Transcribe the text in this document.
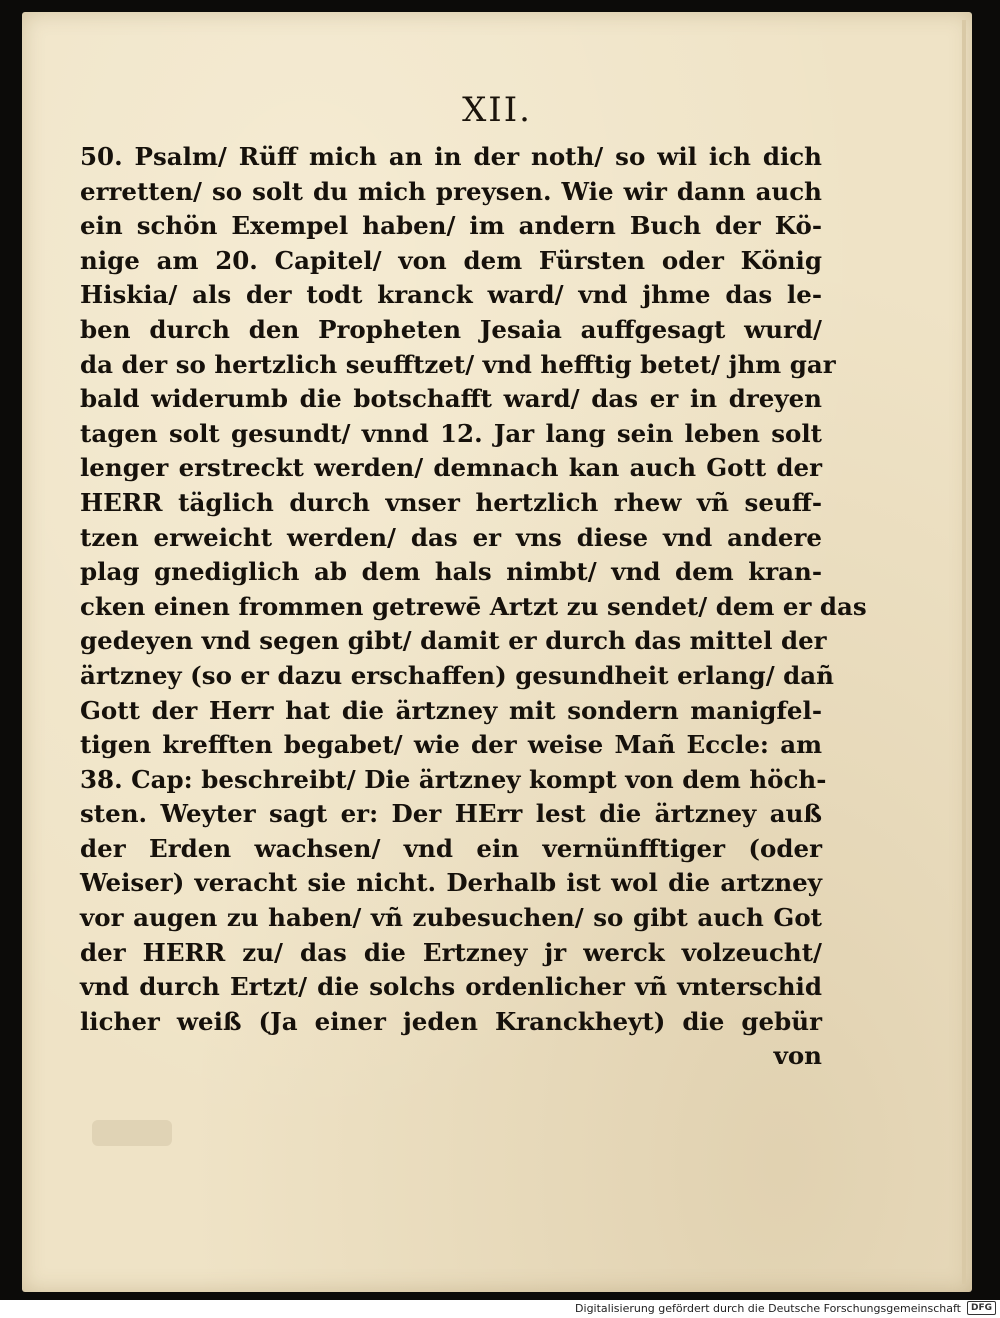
XII.
50. Psalm/ Rüff mich an in der noth/ so wil ich dich
erretten/ so solt du mich preysen. Wie wir dann auch
ein schön Exempel haben/ im andern Buch der Kö-
nige am 20. Capitel/ von dem Fürsten oder König
Hiskia/ als der todt kranck ward/ vnd jhme das le-
ben durch den Propheten Jesaia auffgesagt wurd/
da der so hertzlich seufftzet/ vnd hefftig betet/ jhm gar
bald widerumb die botschafft ward/ das er in dreyen
tagen solt gesundt/ vnnd 12. Jar lang sein leben solt
lenger erstreckt werden/ demnach kan auch Gott der
HERR täglich durch vnser hertzlich rhew vñ seuff-
tzen erweicht werden/ das er vns diese vnd andere
plag gnediglich ab dem hals nimbt/ vnd dem kran-
cken einen frommen getrewē Artzt zu sendet/ dem er das
gedeyen vnd segen gibt/ damit er durch das mittel der
ärtzney (so er dazu erschaffen) gesundheit erlang/ dañ
Gott der Herr hat die ärtzney mit sondern manigfel-
tigen krefften begabet/ wie der weise Mañ Eccle: am
38. Cap: beschreibt/ Die ärtzney kompt von dem höch-
sten. Weyter sagt er: Der HErr lest die ärtzney auß
der Erden wachsen/ vnd ein vernünfftiger (oder
Weiser) veracht sie nicht. Derhalb ist wol die artzney
vor augen zu haben/ vñ zubesuchen/ so gibt auch Got
der HERR zu/ das die Ertzney jr werck volzeucht/
vnd durch Ertzt/ die solchs ordenlicher vñ vnterschid
licher weiß (Ja einer jeden Kranckheyt) die gebür
von
Digitalisierung gefördert durch die Deutsche Forschungsgemeinschaft DFG
